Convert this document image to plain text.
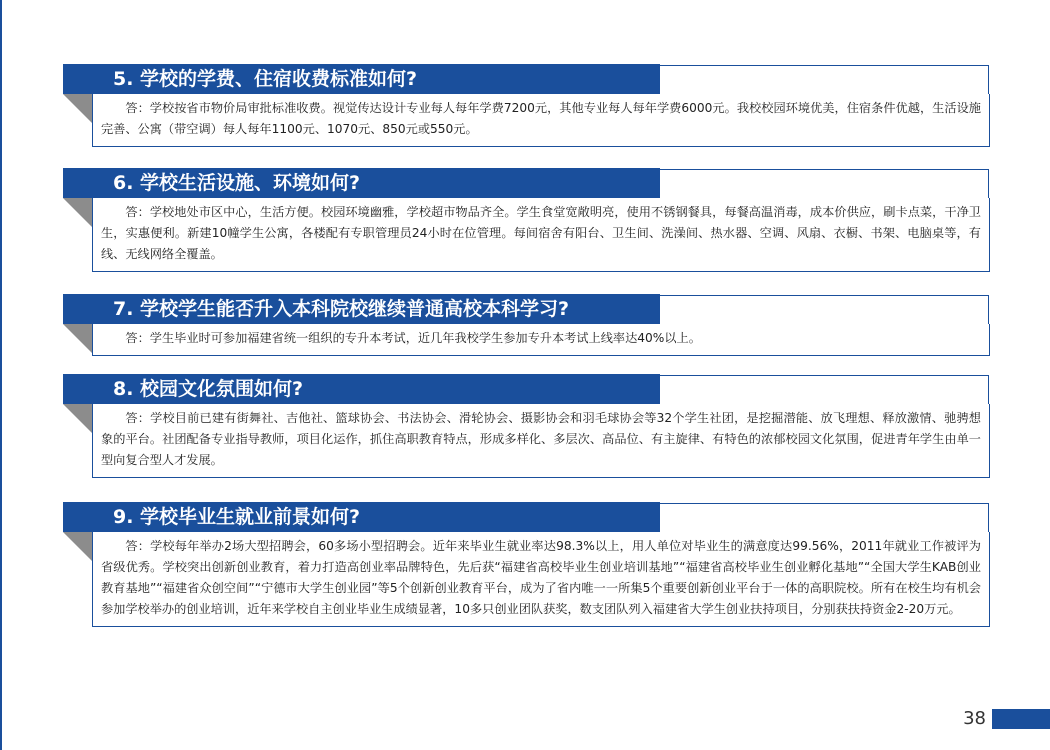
5. 学校的学费、住宿收费标准如何?

答：学校按省市物价局审批标准收费。视觉传达设计专业每人每年学费7200元，其他专业每人每年学费6000元。我校校园环境优美，住宿条件优越，生活设施完善、公寓（带空调）每人每年1100元、1070元、850元或550元。

6. 学校生活设施、环境如何?

答：学校地处市区中心，生活方便。校园环境幽雅，学校超市物品齐全。学生食堂宽敞明亮，使用不锈钢餐具，每餐高温消毒，成本价供应，刷卡点菜，干净卫生，实惠便利。新建10幢学生公寓，各楼配有专职管理员24小时在位管理。每间宿舍有阳台、卫生间、洗澡间、热水器、空调、风扇、衣橱、书架、电脑桌等，有线、无线网络全覆盖。

7. 学校学生能否升入本科院校继续普通高校本科学习?

答：学生毕业时可参加福建省统一组织的专升本考试，近几年我校学生参加专升本考试上线率达40%以上。

8. 校园文化氛围如何?

答：学校目前已建有街舞社、吉他社、篮球协会、书法协会、滑轮协会、摄影协会和羽毛球协会等32个学生社团，是挖掘潜能、放飞理想、释放激情、驰骋想象的平台。社团配备专业指导教师，项目化运作，抓住高职教育特点，形成多样化、多层次、高品位、有主旋律、有特色的浓郁校园文化氛围，促进青年学生由单一型向复合型人才发展。

9. 学校毕业生就业前景如何?

答：学校每年举办2场大型招聘会，60多场小型招聘会。近年来毕业生就业率达98.3%以上，用人单位对毕业生的满意度达99.56%，2011年就业工作被评为省级优秀。学校突出创新创业教育，着力打造高创业率品牌特色，先后获“福建省高校毕业生创业培训基地”“福建省高校毕业生创业孵化基地”“全国大学生KAB创业教育基地”“福建省众创空间”“宁德市大学生创业园”等5个创新创业教育平台，成为了省内唯一一所集5个重要创新创业平台于一体的高职院校。所有在校生均有机会参加学校举办的创业培训，近年来学校自主创业毕业生成绩显著，10多只创业团队获奖，数支团队列入福建省大学生创业扶持项目，分别获扶持资金2-20万元。

38
